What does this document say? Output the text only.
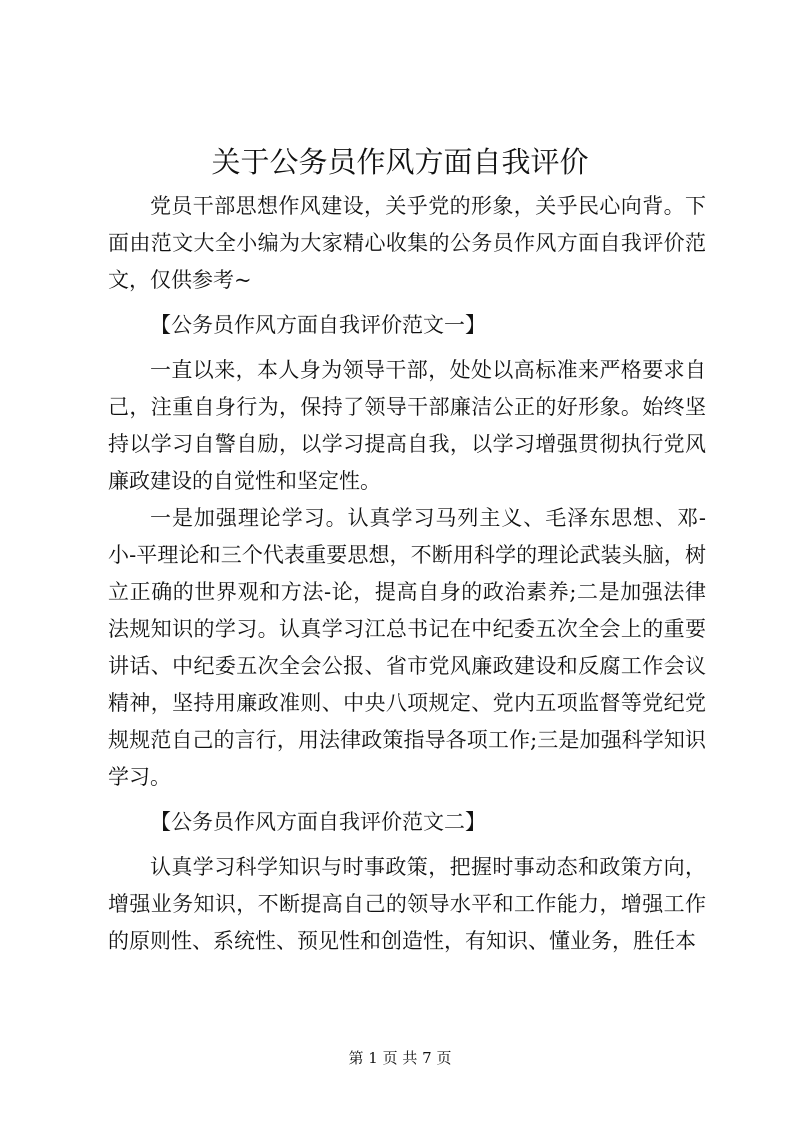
关于公务员作风方面自我评价

党员干部思想作风建设，关乎党的形象，关乎民心向背。下面由范文大全小编为大家精心收集的公务员作风方面自我评价范文，仅供参考~

【公务员作风方面自我评价范文一】

一直以来，本人身为领导干部，处处以高标准来严格要求自己，注重自身行为，保持了领导干部廉洁公正的好形象。始终坚持以学习自警自励，以学习提高自我，以学习增强贯彻执行党风廉政建设的自觉性和坚定性。

一是加强理论学习。认真学习马列主义、毛泽东思想、邓-小-平理论和三个代表重要思想，不断用科学的理论武装头脑，树立正确的世界观和方法-论，提高自身的政治素养;二是加强法律法规知识的学习。认真学习江总书记在中纪委五次全会上的重要讲话、中纪委五次全会公报、省市党风廉政建设和反腐工作会议精神，坚持用廉政准则、中央八项规定、党内五项监督等党纪党规规范自己的言行，用法律政策指导各项工作;三是加强科学知识学习。

【公务员作风方面自我评价范文二】

认真学习科学知识与时事政策，把握时事动态和政策方向，增强业务知识，不断提高自己的领导水平和工作能力，增强工作的原则性、系统性、预见性和创造性，有知识、懂业务，胜任本

第 1 页 共 7 页
